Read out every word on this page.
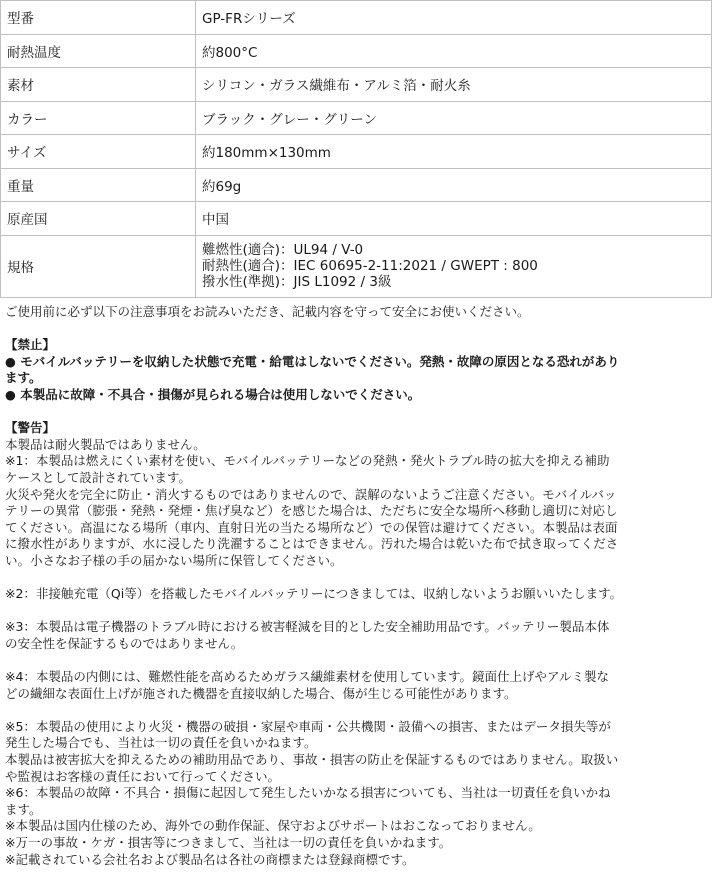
型番	GP-FRシリーズ
耐熱温度	約800°C
素材	シリコン・ガラス繊維布・アルミ箔・耐火糸
カラー	ブラック・グレー・グリーン
サイズ	約180mm×130mm
重量	約69g
原産国	中国
規格	難燃性(適合)：UL94 / V-0
耐熱性(適合)：IEC 60695-2-11:2021 / GWEPT : 800
撥水性(準拠)：JIS L1092 / 3級

ご使用前に必ず以下の注意事項をお読みいただき、記載内容を守って安全にお使いください。

【禁止】

● モバイルバッテリーを収納した状態で充電・給電はしないでください。発熱・故障の原因となる恐れがあり

ます。

● 本製品に故障・不具合・損傷が見られる場合は使用しないでください。

【警告】

本製品は耐火製品ではありません。

※1：本製品は燃えにくい素材を使い、モバイルバッテリーなどの発熱・発火トラブル時の拡大を抑える補助

ケースとして設計されています。

火災や発火を完全に防止・消火するものではありませんので、誤解のないようご注意ください。モバイルバッ

テリーの異常（膨張・発熱・発煙・焦げ臭など）を感じた場合は、ただちに安全な場所へ移動し適切に対応し

てください。高温になる場所（車内、直射日光の当たる場所など）での保管は避けてください。本製品は表面

に撥水性がありますが、水に浸したり洗濯することはできません。汚れた場合は乾いた布で拭き取ってくださ

い。小さなお子様の手の届かない場所に保管してください。

※2：非接触充電（Qi等）を搭載したモバイルバッテリーにつきましては、収納しないようお願いいたします。

※3：本製品は電子機器のトラブル時における被害軽減を目的とした安全補助用品です。バッテリー製品本体

の安全性を保証するものではありません。

※4：本製品の内側には、難燃性能を高めるためガラス繊維素材を使用しています。鏡面仕上げやアルミ製な

どの繊細な表面仕上げが施された機器を直接収納した場合、傷が生じる可能性があります。

※5：本製品の使用により火災・機器の破損・家屋や車両・公共機関・設備への損害、またはデータ損失等が

発生した場合でも、当社は一切の責任を負いかねます。

本製品は被害拡大を抑えるための補助用品であり、事故・損害の防止を保証するものではありません。取扱い

や監視はお客様の責任において行ってください。

※6：本製品の故障・不具合・損傷に起因して発生したいかなる損害についても、当社は一切責任を負いかね

ます。

※本製品は国内仕様のため、海外での動作保証、保守およびサポートはおこなっておりません。

※万一の事故・ケガ・損害等につきまして、当社は一切の責任を負いかねます。

※記載されている会社名および製品名は各社の商標または登録商標です。
